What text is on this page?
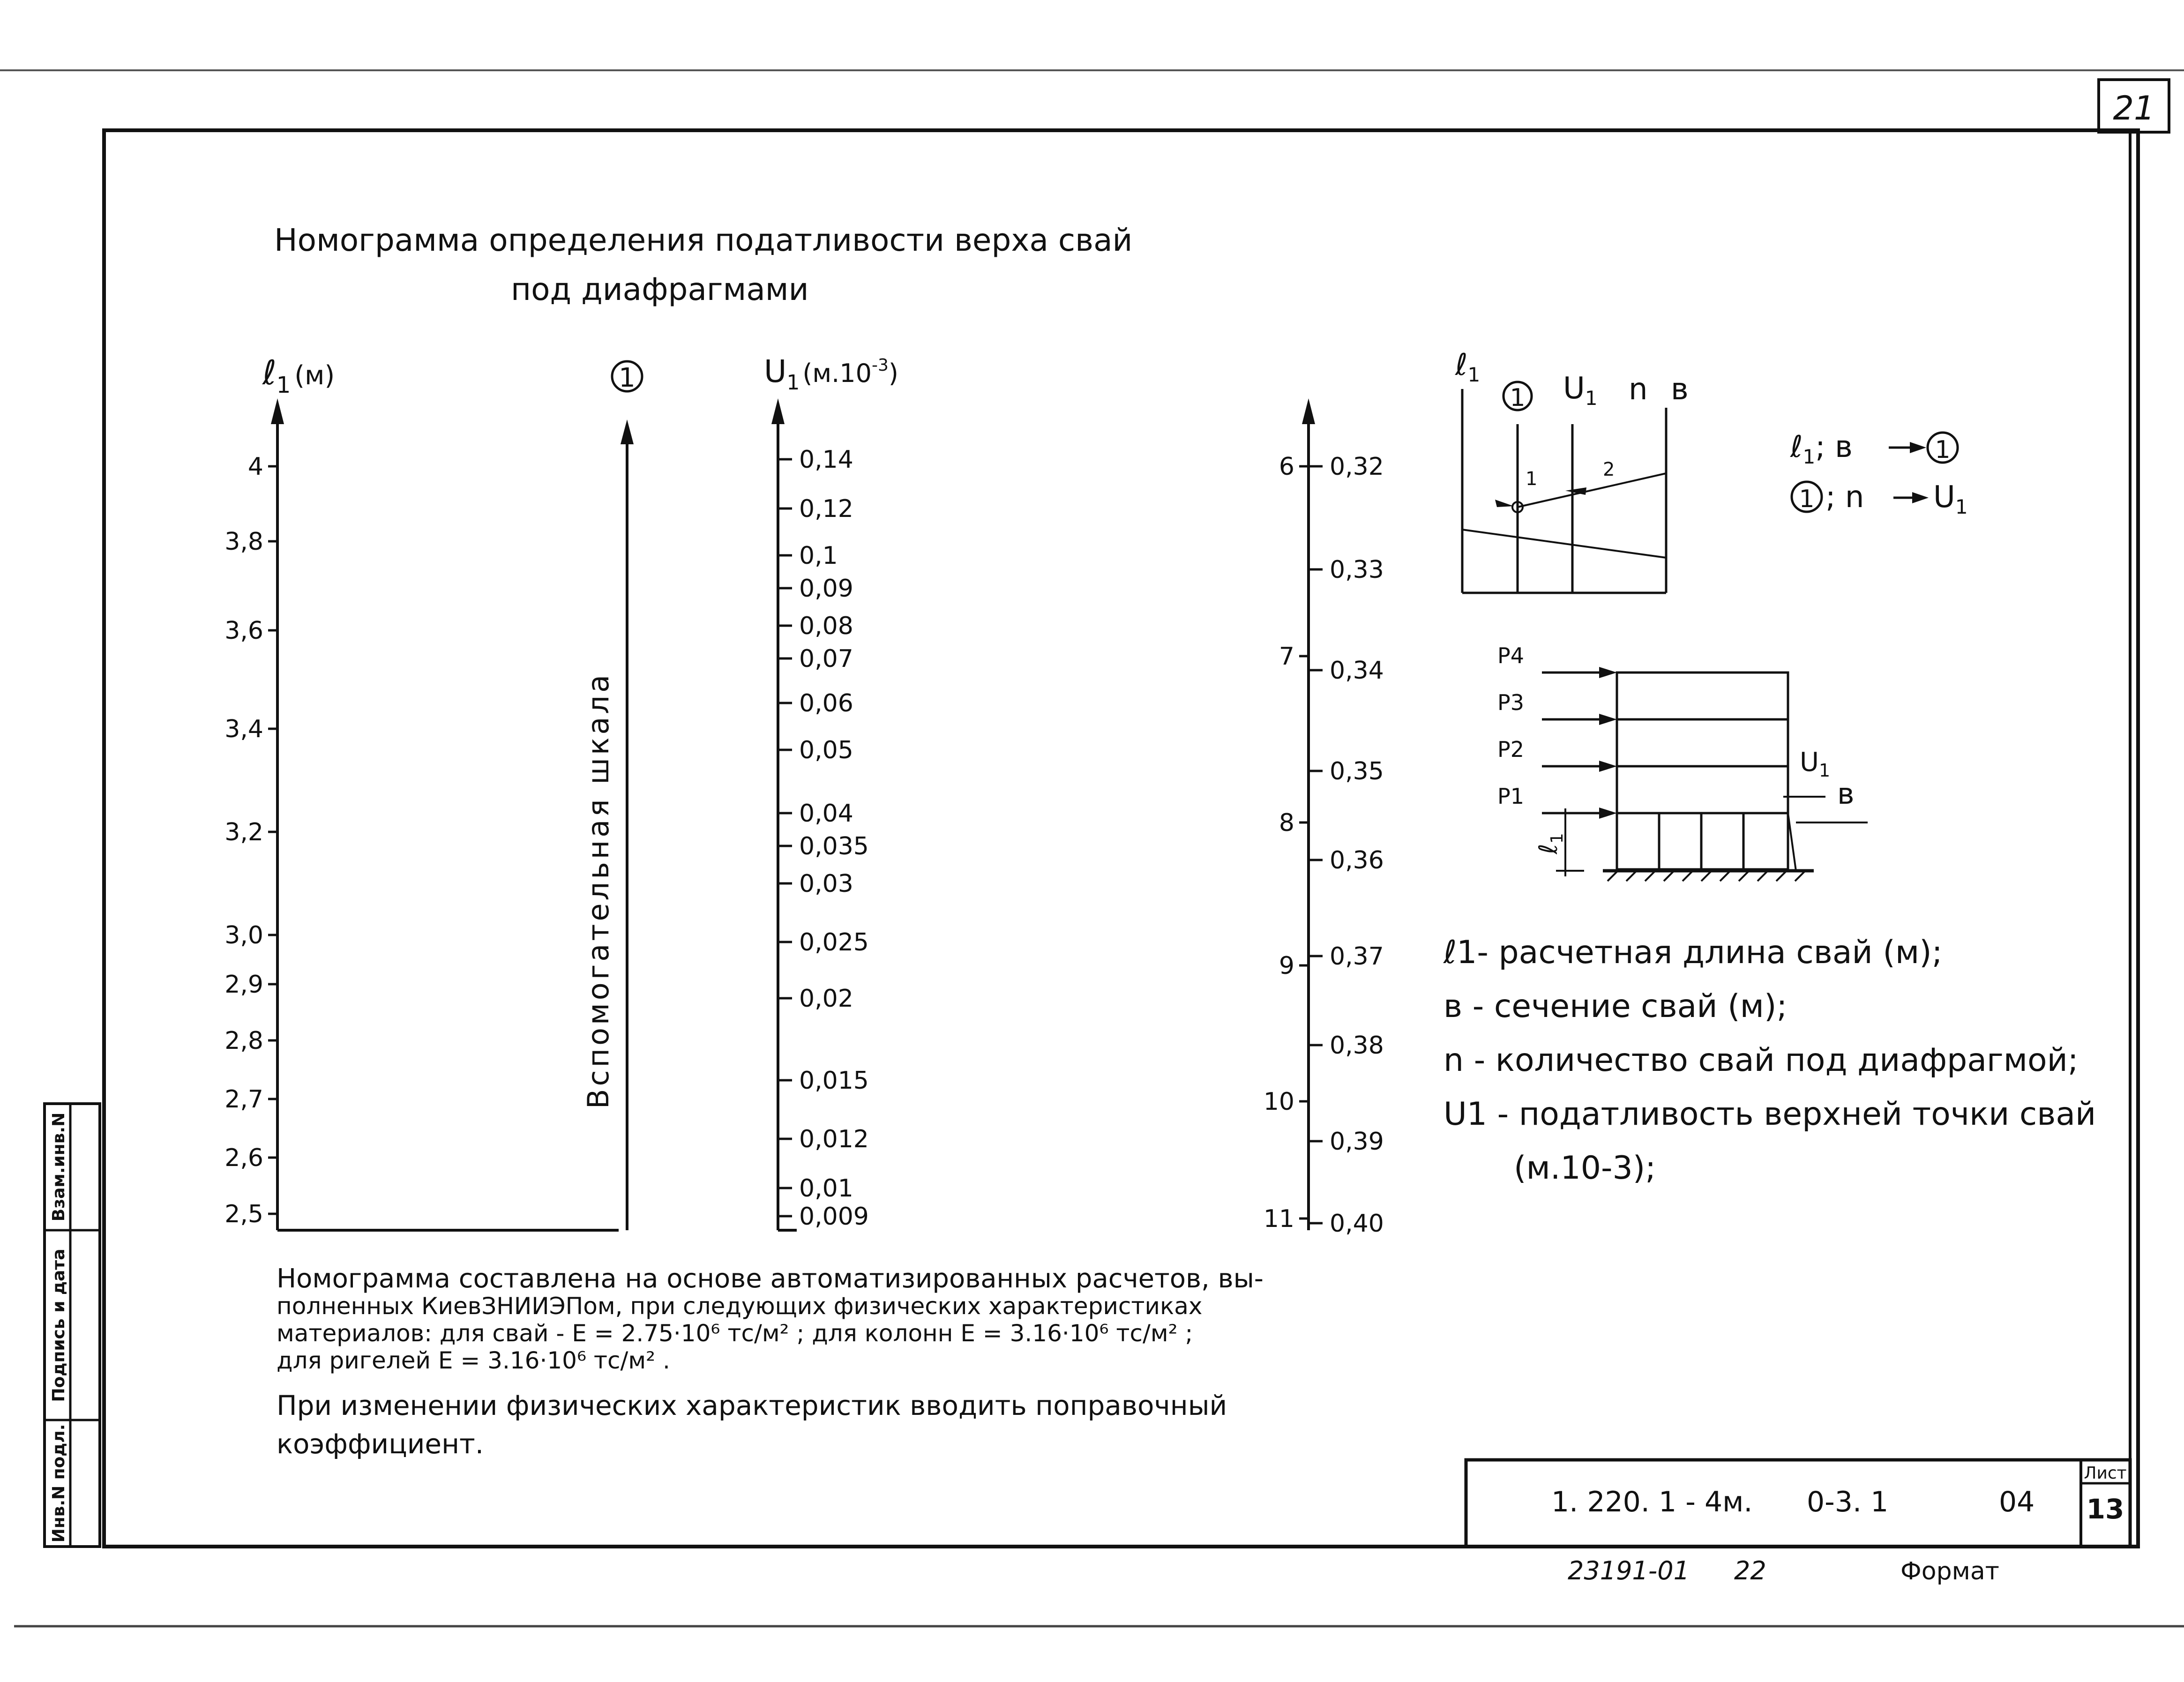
21
Номограмма определения податливости верха свай
под диафрагмами
ℓ$_1$ $^{(м)}$
4
3,8
3,6
3,4
3,2
3,0
2,9
2,8
2,7
2,6
2,5
1
Вспомогательная шкала
$U_1$ $^{(м.10-3}_)$
0,14
0,12
0,1
0,09
0,08
0,07
0,06
0,05
0,04
0,035
0,03
0,025
0,02
0,015
0,012
0,01
0,009
6
7
8
9
10
11
0,32
0,33
0,34
0,35
0,36
0,37
0,38
0,39
0,40
1	2
ℓ$_1$
1 $U_1$ n в
ℓ$_1$; в	1
1 ; n $U_1$
P4
P3
P2
P1
ℓ$_1$
$U_1$
в
Инв.N подл.
Подпись и дата
Взам.инв.N
1. 220. 1 - 4м. 0-3. 1	04
Лист
13
23191-01 22	Формат
ℓ1- расчетная длина свай (м);
в - сечение свай (м);
n - количество свай под диафрагмой;
U1 - податливость верхней точки свай
(м.10-3);
Номограмма составлена на основе автоматизированных расчетов, вы-
полненных КиевЗНИИЭПом, при следующих физических характеристиках
материалов: для свай - Е = 2.75·10⁶ тс/м² ; для колонн Е = 3.16·10⁶ тс/м² ;
для ригелей Е = 3.16·10⁶ тс/м² .
При изменении физических характеристик вводить поправочный
коэффициент.
